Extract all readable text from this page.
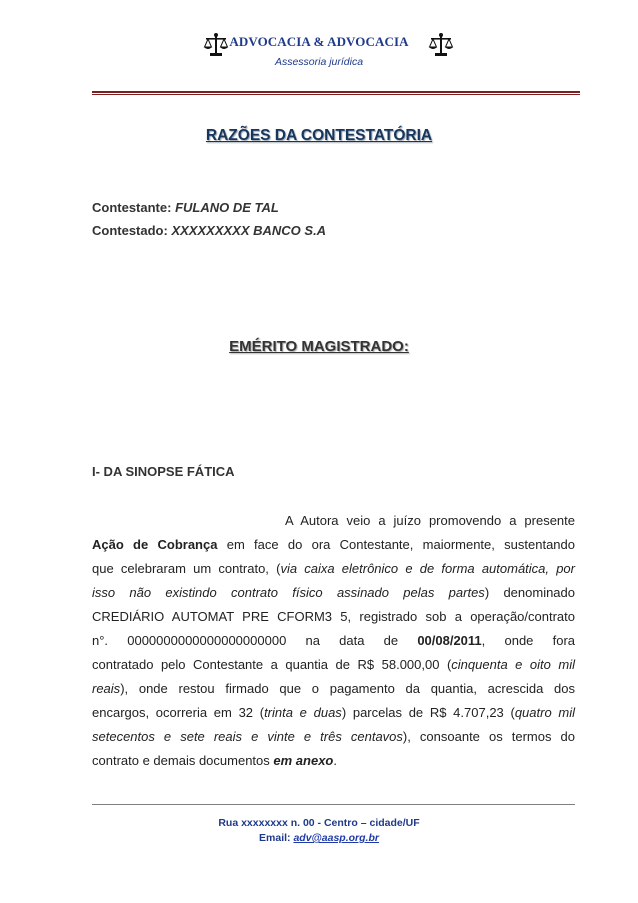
ADVOCACIA & ADVOCACIA
Assessoria jurídica
RAZÕES DA CONTESTATÓRIA
Contestante: FULANO DE TAL
Contestado: XXXXXXXXX BANCO S.A
EMÉRITO MAGISTRADO:
I- DA SINOPSE FÁTICA
A Autora veio a juízo promovendo a presente
Ação de Cobrança em face do ora Contestante, maiormente, sustentando
que celebraram um contrato, (via caixa eletrônico e de forma automática, por
isso não existindo contrato físico assinado pelas partes) denominado
CREDIÁRIO AUTOMAT PRE CFORM3 5, registrado sob a operação/contrato
n°. 0000000000000000000000 na data de 00/08/2011, onde fora
contratado pelo Contestante a quantia de R$ 58.000,00 (cinquenta e oito mil
reais), onde restou firmado que o pagamento da quantia, acrescida dos
encargos, ocorreria em 32 (trinta e duas) parcelas de R$ 4.707,23 (quatro mil
setecentos e sete reais e vinte e três centavos), consoante os termos do
contrato e demais documentos em anexo.
Rua xxxxxxxx n. 00 - Centro – cidade/UF
Email: adv@aasp.org.br
